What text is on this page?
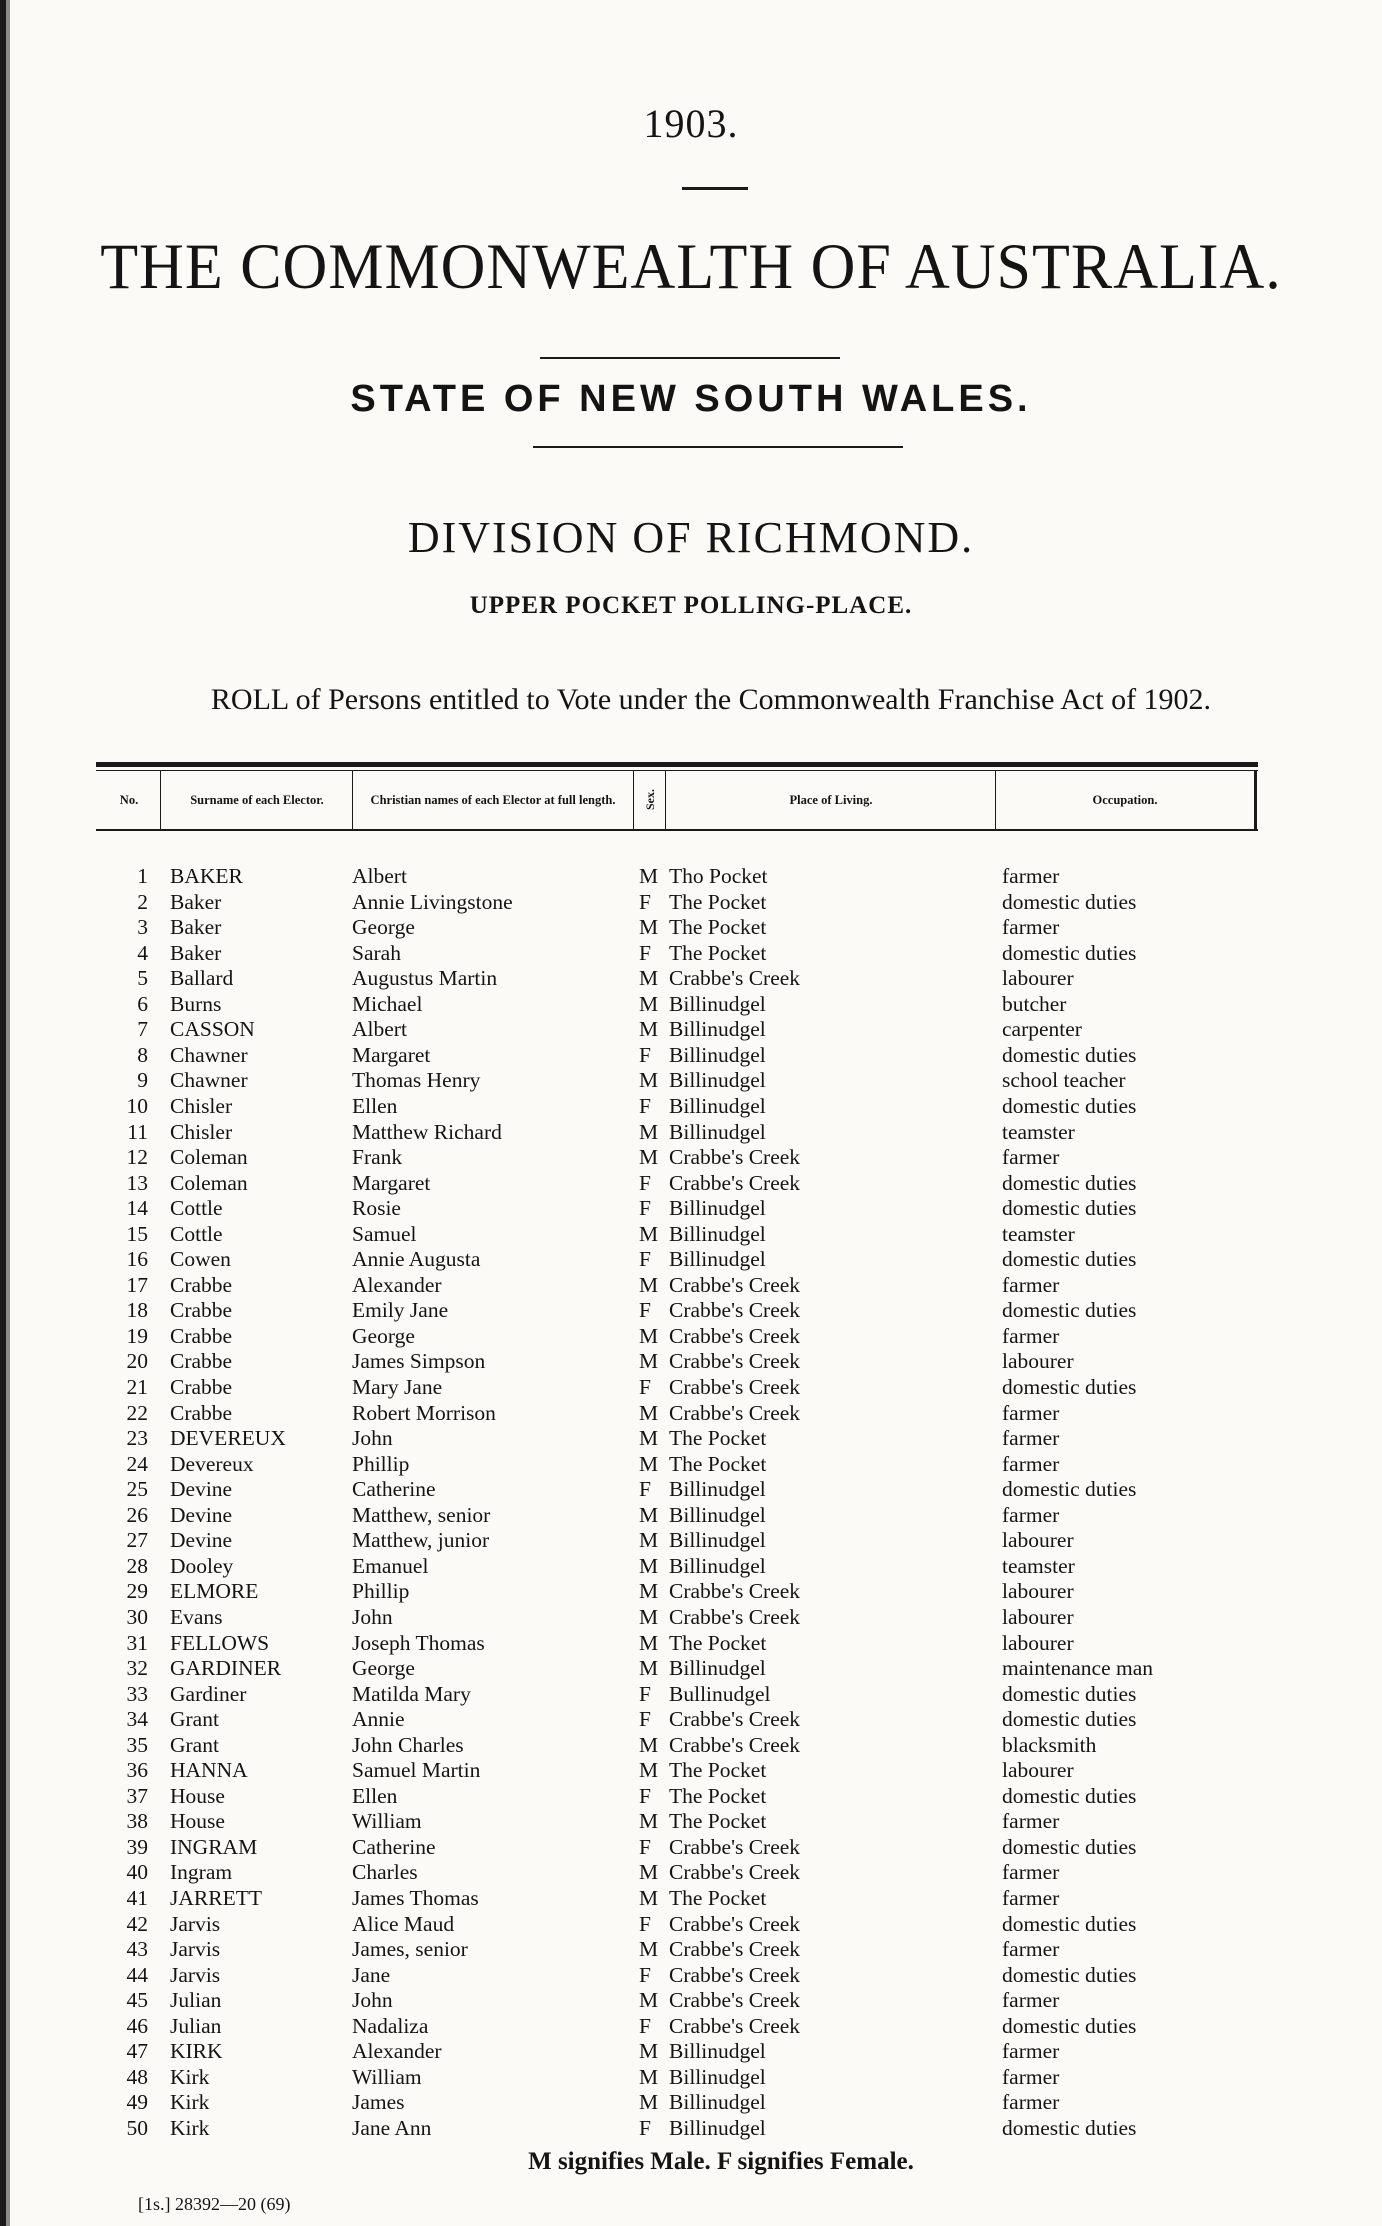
1903.
THE COMMONWEALTH OF AUSTRALIA.
STATE OF NEW SOUTH WALES.
DIVISION OF RICHMOND.
UPPER POCKET POLLING-PLACE.
ROLL of Persons entitled to Vote under the Commonwealth Franchise Act of 1902.
No.	Surname of each Elector.	Christian names of each Elector at full length.	Sex.	Place of Living.	Occupation.
1 BAKER	Albert	M Tho Pocket	farmer
2 Baker	Annie Livingstone	F The Pocket	domestic duties
3 Baker	George	M The Pocket	farmer
4 Baker	Sarah	F The Pocket	domestic duties
5 Ballard	Augustus Martin	M Crabbe's Creek	labourer
6 Burns	Michael	M Billinudgel	butcher
7 CASSON	Albert	M Billinudgel	carpenter
8 Chawner	Margaret	F Billinudgel	domestic duties
9 Chawner	Thomas Henry	M Billinudgel	school teacher
10 Chisler	Ellen	F Billinudgel	domestic duties
11 Chisler	Matthew Richard	M Billinudgel	teamster
12 Coleman	Frank	M Crabbe's Creek	farmer
13 Coleman	Margaret	F Crabbe's Creek	domestic duties
14 Cottle	Rosie	F Billinudgel	domestic duties
15 Cottle	Samuel	M Billinudgel	teamster
16 Cowen	Annie Augusta	F Billinudgel	domestic duties
17 Crabbe	Alexander	M Crabbe's Creek	farmer
18 Crabbe	Emily Jane	F Crabbe's Creek	domestic duties
19 Crabbe	George	M Crabbe's Creek	farmer
20 Crabbe	James Simpson	M Crabbe's Creek	labourer
21 Crabbe	Mary Jane	F Crabbe's Creek	domestic duties
22 Crabbe	Robert Morrison	M Crabbe's Creek	farmer
23 DEVEREUX	John	M The Pocket	farmer
24 Devereux	Phillip	M The Pocket	farmer
25 Devine	Catherine	F Billinudgel	domestic duties
26 Devine	Matthew, senior	M Billinudgel	farmer
27 Devine	Matthew, junior	M Billinudgel	labourer
28 Dooley	Emanuel	M Billinudgel	teamster
29 ELMORE	Phillip	M Crabbe's Creek	labourer
30 Evans	John	M Crabbe's Creek	labourer
31 FELLOWS	Joseph Thomas	M The Pocket	labourer
32 GARDINER	George	M Billinudgel	maintenance man
33 Gardiner	Matilda Mary	F Bullinudgel	domestic duties
34 Grant	Annie	F Crabbe's Creek	domestic duties
35 Grant	John Charles	M Crabbe's Creek	blacksmith
36 HANNA	Samuel Martin	M The Pocket	labourer
37 House	Ellen	F The Pocket	domestic duties
38 House	William	M The Pocket	farmer
39 INGRAM	Catherine	F Crabbe's Creek	domestic duties
40 Ingram	Charles	M Crabbe's Creek	farmer
41 JARRETT	James Thomas	M The Pocket	farmer
42 Jarvis	Alice Maud	F Crabbe's Creek	domestic duties
43 Jarvis	James, senior	M Crabbe's Creek	farmer
44 Jarvis	Jane	F Crabbe's Creek	domestic duties
45 Julian	John	M Crabbe's Creek	farmer
46 Julian	Nadaliza	F Crabbe's Creek	domestic duties
47 KIRK	Alexander	M Billinudgel	farmer
48 Kirk	William	M Billinudgel	farmer
49 Kirk	James	M Billinudgel	farmer
50 Kirk	Jane Ann	F Billinudgel	domestic duties
M signifies Male. F signifies Female.
[1s.] 28392—20 (69)
